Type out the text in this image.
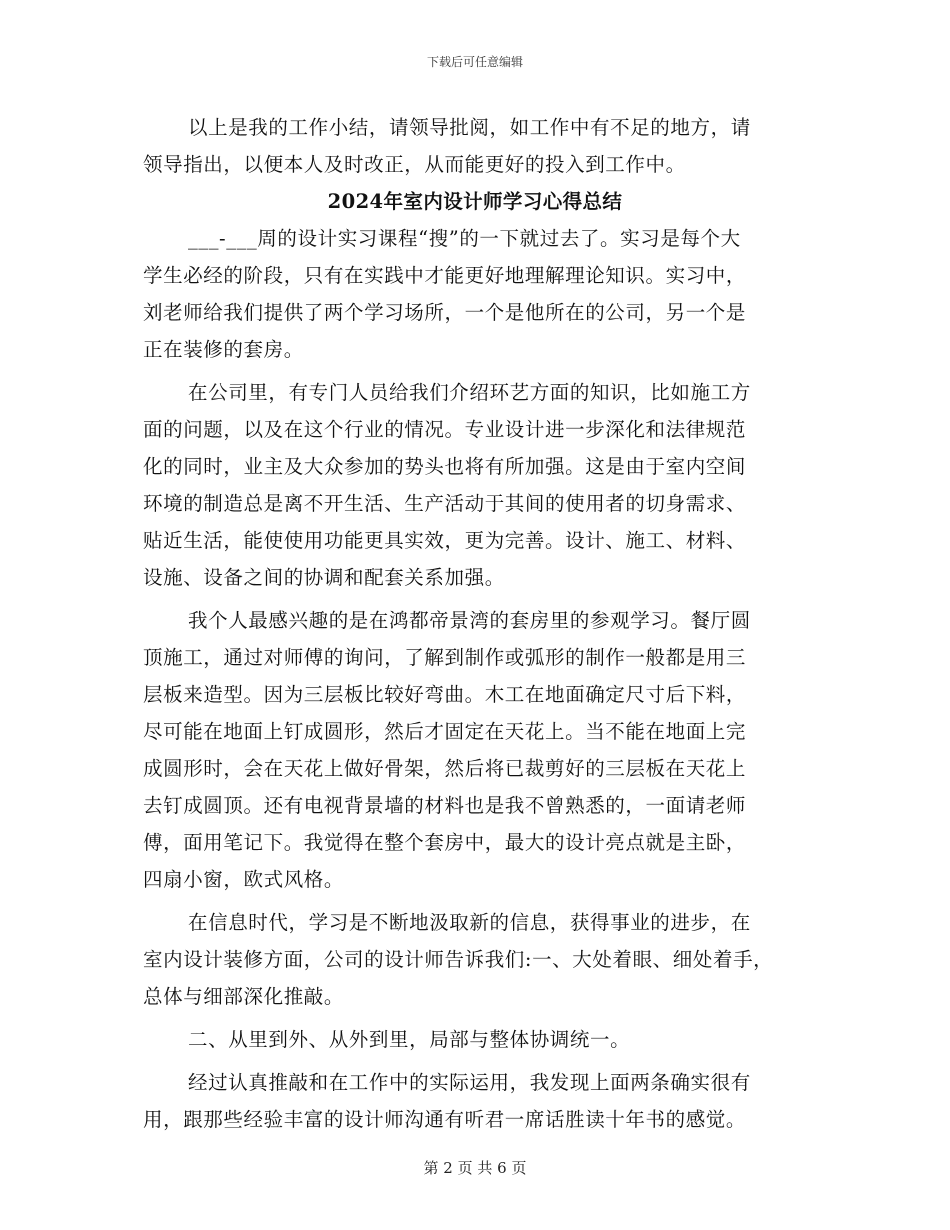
下载后可任意编辑
以上是我的工作小结，请领导批阅，如工作中有不足的地方，请
领导指出，以便本人及时改正，从而能更好的投入到工作中。
2024年室内设计师学习心得总结
___-___周的设计实习课程“搜”的一下就过去了。实习是每个大
学生必经的阶段，只有在实践中才能更好地理解理论知识。实习中，
刘老师给我们提供了两个学习场所，一个是他所在的公司，另一个是
正在装修的套房。
在公司里，有专门人员给我们介绍环艺方面的知识，比如施工方
面的问题，以及在这个行业的情况。专业设计进一步深化和法律规范
化的同时，业主及大众参加的势头也将有所加强。这是由于室内空间
环境的制造总是离不开生活、生产活动于其间的使用者的切身需求、
贴近生活，能使使用功能更具实效，更为完善。设计、施工、材料、
设施、设备之间的协调和配套关系加强。
我个人最感兴趣的是在鸿都帝景湾的套房里的参观学习。餐厅圆
顶施工，通过对师傅的询问，了解到制作或弧形的制作一般都是用三
层板来造型。因为三层板比较好弯曲。木工在地面确定尺寸后下料，
尽可能在地面上钉成圆形，然后才固定在天花上。当不能在地面上完
成圆形时，会在天花上做好骨架，然后将已裁剪好的三层板在天花上
去钉成圆顶。还有电视背景墙的材料也是我不曾熟悉的，一面请老师
傅，面用笔记下。我觉得在整个套房中，最大的设计亮点就是主卧，
四扇小窗，欧式风格。
在信息时代，学习是不断地汲取新的信息，获得事业的进步，在
室内设计装修方面，公司的设计师告诉我们:一、大处着眼、细处着手，
总体与细部深化推敲。
二、从里到外、从外到里，局部与整体协调统一。
经过认真推敲和在工作中的实际运用，我发现上面两条确实很有
用，跟那些经验丰富的设计师沟通有听君一席话胜读十年书的感觉。
第 2 页 共 6 页
